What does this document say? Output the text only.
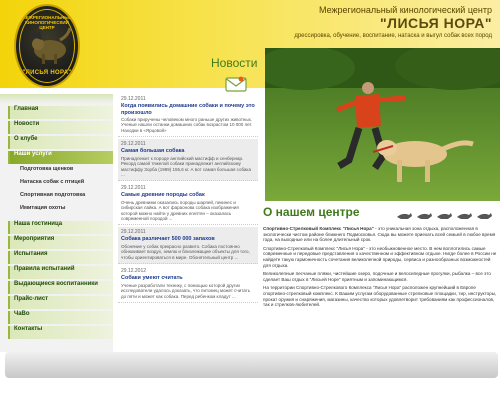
МЕЖРЕГИОНАЛЬНЫЙ КИНОЛОГИЧЕСКИЙ ЦЕНТР
"ЛИСЬЯ НОРА"
Межрегиональный кинологический центр
"ЛИСЬЯ НОРА"
дрессировка, обучение, воспитание, натаска и выгул собак всех пород
Главная
Новости
О клубе
Наши услуги
Подготовка щенков
Натаска собак с птицей
Спортивная подготовка
Имитация охоты
Наша гостиница
Мероприятия
Испытания
Правила испытаний
Выдающиеся воспитанники
Прайс-лист
ЧаВо
Контакты
Новости
29.12.2011
Когда появились домашние собаки и почему это произошло
Собаки приручены человеком много раньше других животных. Ученые нашли останки домашних собак возрастом 10 000 лет. Находки в «Ярцовой»
29.12.2011
Самая большая собака
Принадлежит к породе английский мастифф и сенбернар. Рекорд самой тяжелой собаки принадлежит английскому мастиффу Зорба (1989) 155,6 кг. А вот самая большая собака ...
29.12.2011
Самые древние породы собак
Очень древними оказались породы шарпей, пекинес и сибирская лайка. А вот фараонова собака изображения которой можно найти у древних египтян – оказалась современной породой ...
29.12.2011
Собака различает 500 000 запахов
Обоняние у собак прекрасно развито. Собака постоянно обнюхивает воздух, землю и близлежащие объекты для того, чтобы ориентироваться в мире. Обонятельный центр ...
29.12.2012
Собаки умеют считать
Ученые разработали технику, с помощью которой других исследователи удалось доказать, что питомец может считать до пяти и может как собака. Перед ребенком кладут ...
О нашем центре

Спортивно-Стрелковый Комплекс "Лисья Нора" - это уникальная зона отдыха, расположенная в экологически чистом районе ближнего Подмосковья. Сюда вы можете приехать всей семьей в любое время года, на выходные или на более длительный срок.

Спортивно-Стрелковый Комплекс "Лисья Нора" - это необыкновенное место. В нем воплотились самые современные и передовые представления о качественном и эффективном отдыхе. Нигде более в России не найдете такую гармоничность сочетания великолепной природы, сервиса и разнообразных возможностей для отдыха.

Великолепные песчаные пляжи, чистейшие озеро, подочные и велосипедные прогулки, рыбалка – все это сделает Ваш отдых в "Лисьей Норе" приятным и запоминающимся.

На территории Спортивно-Стрелкового Комплекса "Лисья Нора" расположен крупнейший в Европе спортивно-стрелковый комплекс. К Вашим услугам оборудованные стрелковые площадки, тир, инструкторы, прокат оружия и снаряжения, магазины, качество которых удовлетворит требованиям как профессионалов, так и стрелков-любителей.
